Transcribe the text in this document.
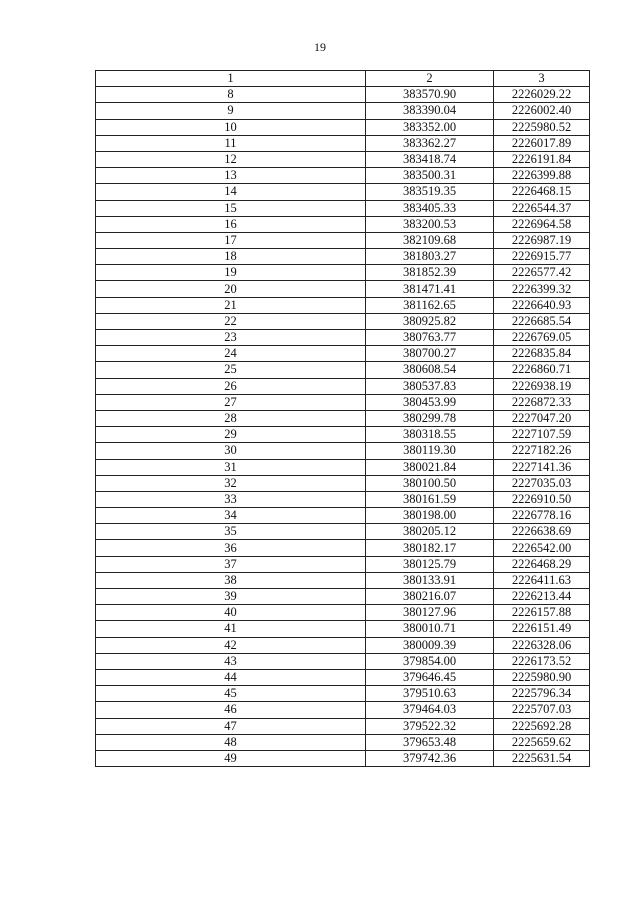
19
1	2	3
8	383570.90	2226029.22
9	383390.04	2226002.40
10	383352.00	2225980.52
11	383362.27	2226017.89
12	383418.74	2226191.84
13	383500.31	2226399.88
14	383519.35	2226468.15
15	383405.33	2226544.37
16	383200.53	2226964.58
17	382109.68	2226987.19
18	381803.27	2226915.77
19	381852.39	2226577.42
20	381471.41	2226399.32
21	381162.65	2226640.93
22	380925.82	2226685.54
23	380763.77	2226769.05
24	380700.27	2226835.84
25	380608.54	2226860.71
26	380537.83	2226938.19
27	380453.99	2226872.33
28	380299.78	2227047.20
29	380318.55	2227107.59
30	380119.30	2227182.26
31	380021.84	2227141.36
32	380100.50	2227035.03
33	380161.59	2226910.50
34	380198.00	2226778.16
35	380205.12	2226638.69
36	380182.17	2226542.00
37	380125.79	2226468.29
38	380133.91	2226411.63
39	380216.07	2226213.44
40	380127.96	2226157.88
41	380010.71	2226151.49
42	380009.39	2226328.06
43	379854.00	2226173.52
44	379646.45	2225980.90
45	379510.63	2225796.34
46	379464.03	2225707.03
47	379522.32	2225692.28
48	379653.48	2225659.62
49	379742.36	2225631.54
